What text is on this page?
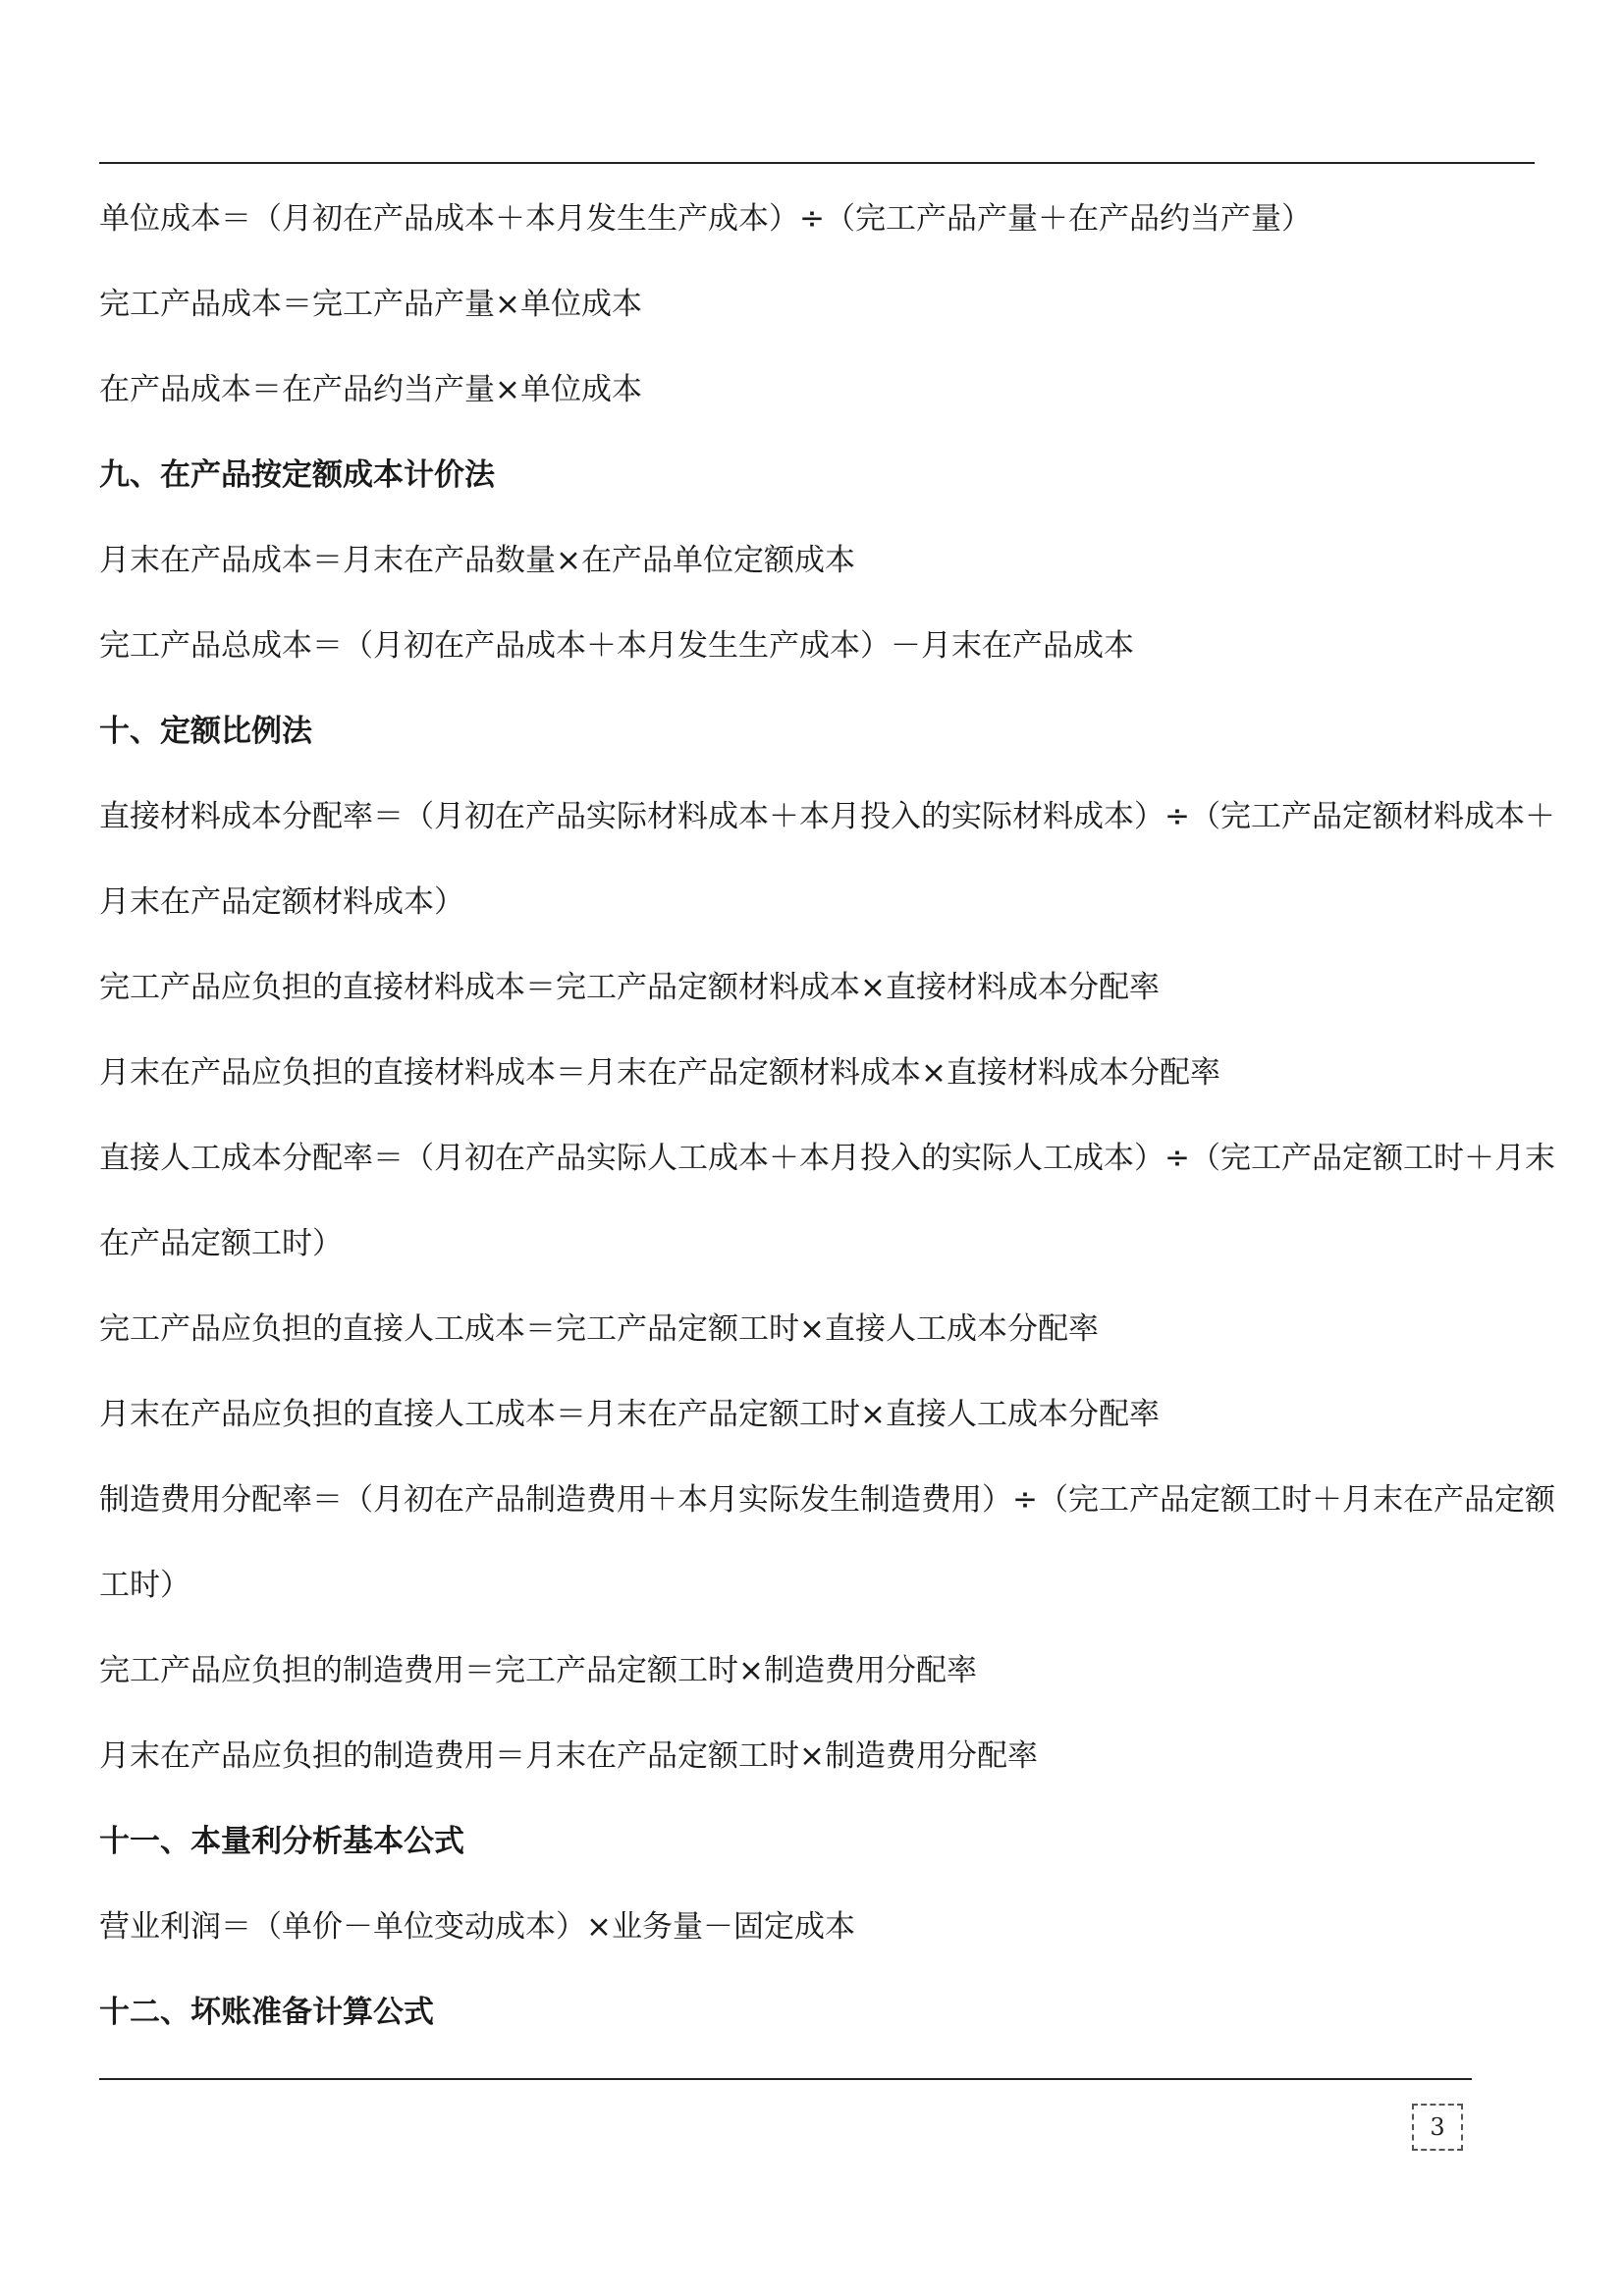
单位成本＝（月初在产品成本＋本月发生生产成本）÷（完工产品产量＋在产品约当产量）
完工产品成本＝完工产品产量×单位成本
在产品成本＝在产品约当产量×单位成本
九、在产品按定额成本计价法
月末在产品成本＝月末在产品数量×在产品单位定额成本
完工产品总成本＝（月初在产品成本＋本月发生生产成本）－月末在产品成本
十、定额比例法
直接材料成本分配率＝（月初在产品实际材料成本＋本月投入的实际材料成本）÷（完工产品定额材料成本＋
月末在产品定额材料成本）
完工产品应负担的直接材料成本＝完工产品定额材料成本×直接材料成本分配率
月末在产品应负担的直接材料成本＝月末在产品定额材料成本×直接材料成本分配率
直接人工成本分配率＝（月初在产品实际人工成本＋本月投入的实际人工成本）÷（完工产品定额工时＋月末
在产品定额工时）
完工产品应负担的直接人工成本＝完工产品定额工时×直接人工成本分配率
月末在产品应负担的直接人工成本＝月末在产品定额工时×直接人工成本分配率
制造费用分配率＝（月初在产品制造费用＋本月实际发生制造费用）÷（完工产品定额工时＋月末在产品定额
工时）
完工产品应负担的制造费用＝完工产品定额工时×制造费用分配率
月末在产品应负担的制造费用＝月末在产品定额工时×制造费用分配率
十一、本量利分析基本公式
营业利润＝（单价－单位变动成本）×业务量－固定成本
十二、坏账准备计算公式
3
